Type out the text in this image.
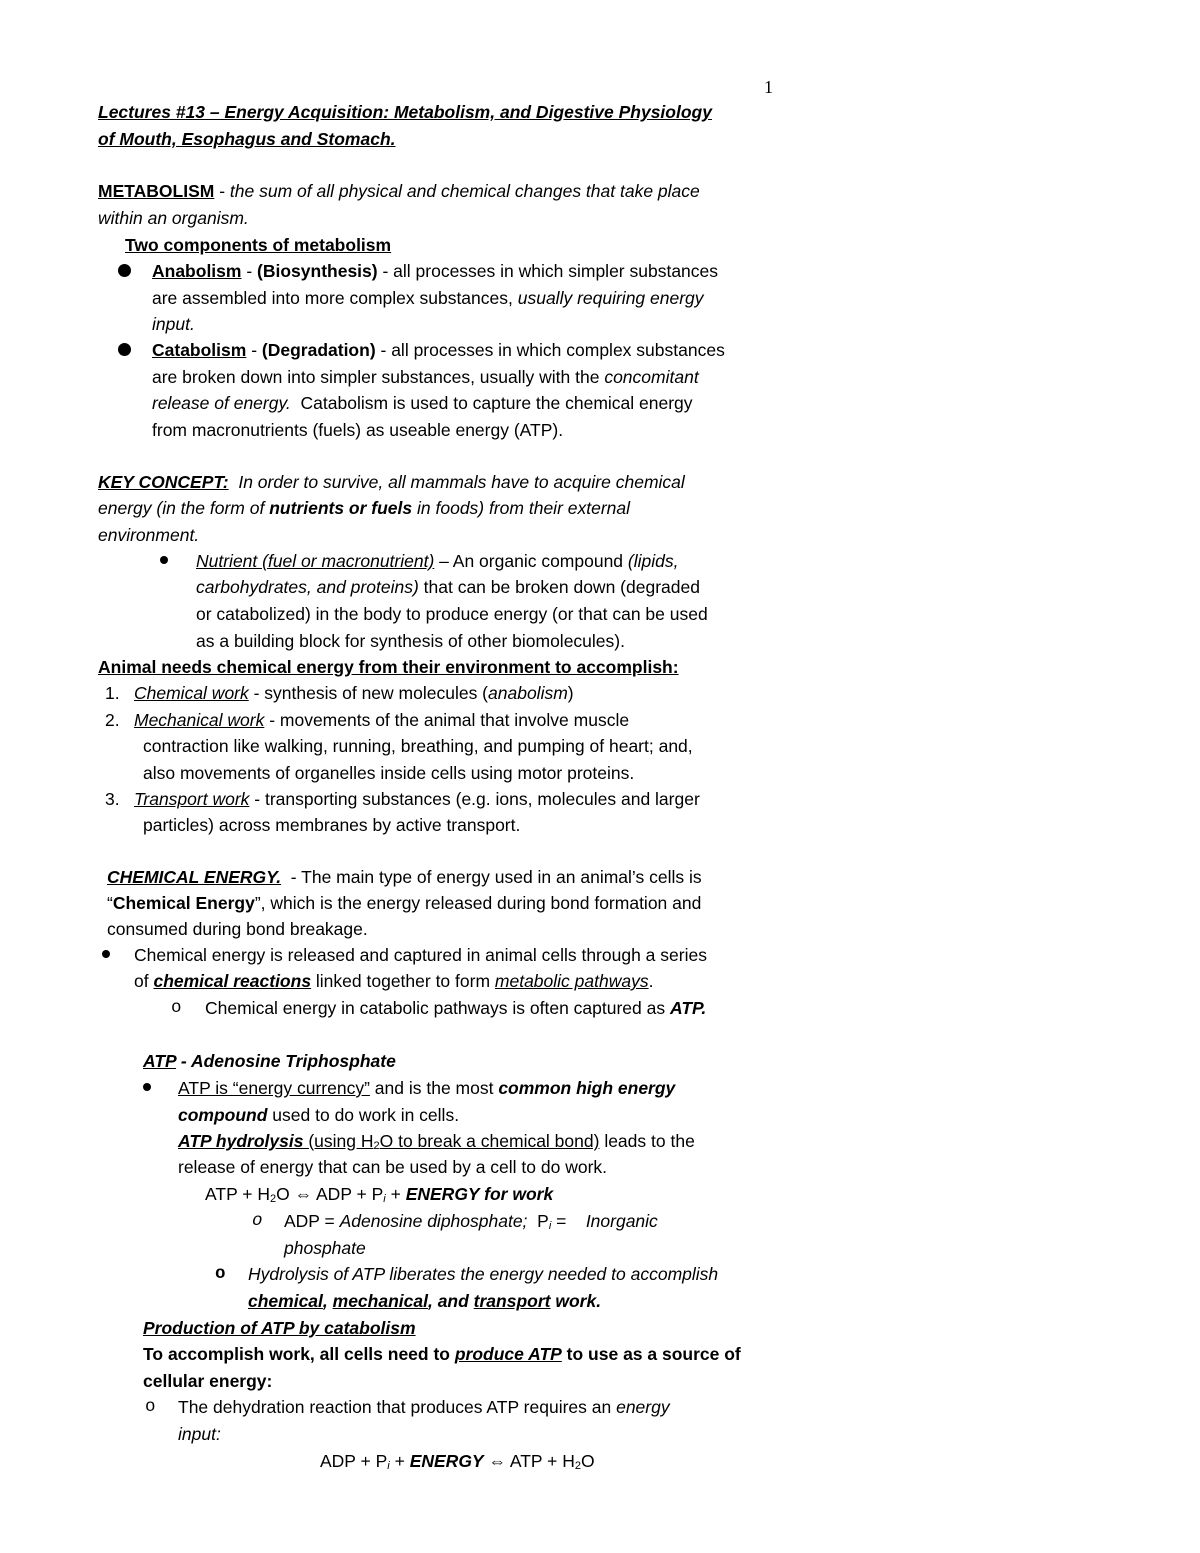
1
Lectures #13 – Energy Acquisition: Metabolism, and Digestive Physiology
of Mouth, Esophagus and Stomach.
METABOLISM - the sum of all physical and chemical changes that take place
within an organism.
Two components of metabolism
Anabolism - (Biosynthesis) - all processes in which simpler substances
are assembled into more complex substances, usually requiring energy
input.
Catabolism - (Degradation) - all processes in which complex substances
are broken down into simpler substances, usually with the concomitant
release of energy.  Catabolism is used to capture the chemical energy
from macronutrients (fuels) as useable energy (ATP).
KEY CONCEPT:  In order to survive, all mammals have to acquire chemical
energy (in the form of nutrients or fuels in foods) from their external
environment.
Nutrient (fuel or macronutrient) – An organic compound (lipids,
carbohydrates, and proteins) that can be broken down (degraded
or catabolized) in the body to produce energy (or that can be used
as a building block for synthesis of other biomolecules).
Animal needs chemical energy from their environment to accomplish:
1. Chemical work - synthesis of new molecules (anabolism)
2. Mechanical work - movements of the animal that involve muscle
contraction like walking, running, breathing, and pumping of heart; and,
also movements of organelles inside cells using motor proteins.
3. Transport work - transporting substances (e.g. ions, molecules and larger
particles) across membranes by active transport.
CHEMICAL ENERGY.  - The main type of energy used in an animal’s cells is
“Chemical Energy”, which is the energy released during bond formation and
consumed during bond breakage.
Chemical energy is released and captured in animal cells through a series
of chemical reactions linked together to form metabolic pathways.
o Chemical energy in catabolic pathways is often captured as ATP.
ATP - Adenosine Triphosphate
ATP is “energy currency” and is the most common high energy
compound used to do work in cells.
ATP hydrolysis (using $H_2O$ to break a chemical bond) leads to the
release of energy that can be used by a cell to do work.
ATP + $H_2O$ ⇔ ADP + $P_i$ + ENERGY for work
o ADP = Adenosine diphosphate;  $P_i$ =    Inorganic
phosphate
o Hydrolysis of ATP liberates the energy needed to accomplish
chemical, mechanical, and transport work.
Production of ATP by catabolism
To accomplish work, all cells need to produce ATP to use as a source of
cellular energy:
o The dehydration reaction that produces ATP requires an energy
input:
ADP + $P_i$ + ENERGY ⇔ ATP + $H_2O$
